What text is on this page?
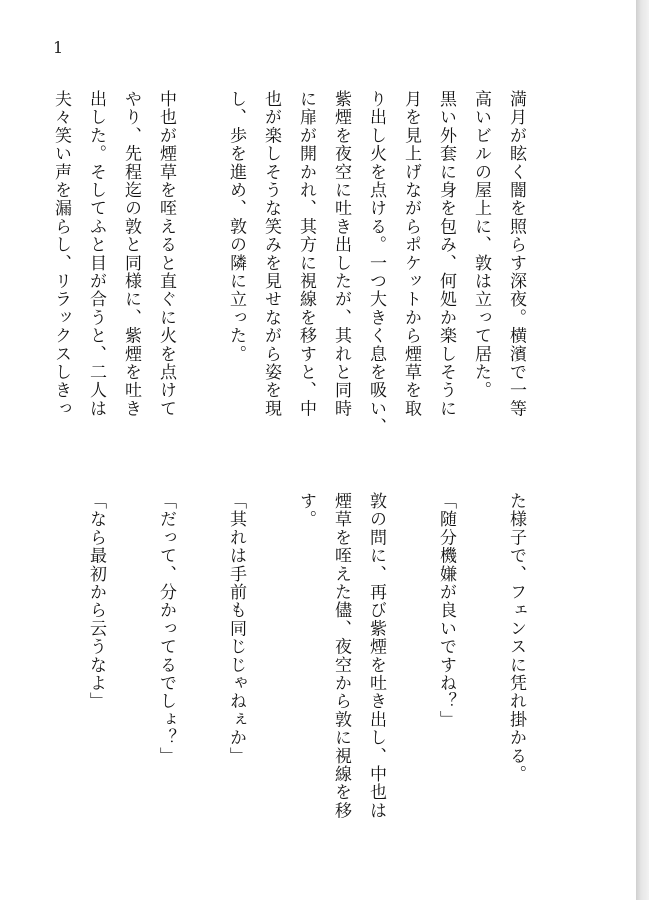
1
満月が眩く闇を照らす深夜。横濱で一等
高いビルの屋上に、敦は立って居た。
黒い外套に身を包み、何処か楽しそうに
月を見上げながらポケットから煙草を取
り出し火を点ける。一つ大きく息を吸い、
紫煙を夜空に吐き出したが、其れと同時
に扉が開かれ、其方に視線を移すと、中
也が楽しそうな笑みを見せながら姿を現
し、歩を進め、敦の隣に立った。
中也が煙草を咥えると直ぐに火を点けて
やり、先程迄の敦と同様に、紫煙を吐き
出した。そしてふと目が合うと、二人は
夫々笑い声を漏らし、リラックスしきっ
た様子で、フェンスに凭れ掛かる。
「随分機嫌が良いですね？」
敦の問に、再び紫煙を吐き出し、中也は
煙草を咥えた儘、夜空から敦に視線を移
す。
「其れは手前も同じじゃねぇか」
「だって、分かってるでしょ？」
「なら最初から云うなよ」
